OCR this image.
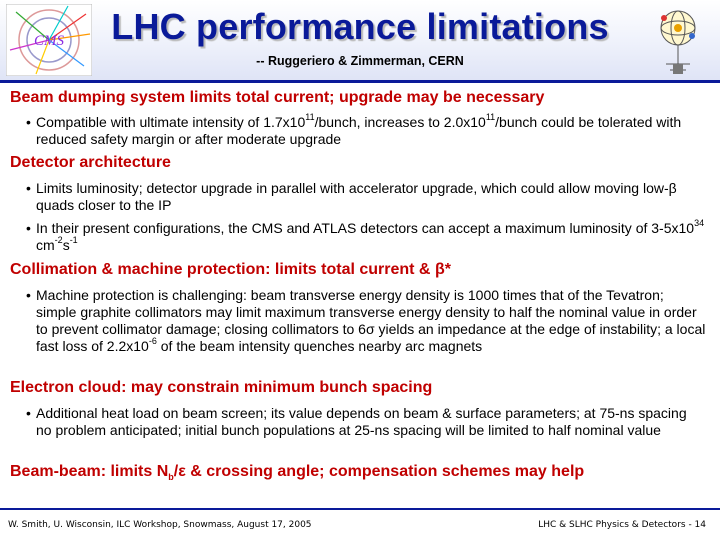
CMS	LHC performance limitations
-- Ruggeriero & Zimmerman, CERN
Beam dumping system limits total current; upgrade may be necessary
• Compatible with ultimate intensity of $1.7x10^{11}$/bunch, increases to $2.0x10^{11}$/bunch could be tolerated with reduced safety margin or after moderate upgrade
Detector architecture
• Limits luminosity; detector upgrade in parallel with accelerator upgrade, which could allow moving low-β quads closer to the IP
• In their present configurations, the CMS and ATLAS detectors can accept a maximum luminosity of $3-5x10^{34}$ $cm^{-2}s^{-1}$
Collimation & machine protection: limits total current & β*
• Machine protection is challenging: beam transverse energy density is 1000 times that of the Tevatron; simple graphite collimators may limit maximum transverse energy density to half the nominal value in order to prevent collimator damage; closing collimators to 6σ yields an impedance at the edge of instability; a local fast loss of $2.2x10^{-6}$ of the beam intensity quenches nearby arc magnets
Electron cloud: may constrain minimum bunch spacing
• Additional heat load on beam screen; its value depends on beam & surface parameters; at 75-ns spacing no problem anticipated; initial bunch populations at 25-ns spacing will be limited to half nominal value
Beam-beam: limits $N_b/\varepsilon$ & crossing angle; compensation schemes may help
W. Smith, U. Wisconsin, ILC Workshop, Snowmass, August 17, 2005	LHC & SLHC Physics & Detectors - 14
